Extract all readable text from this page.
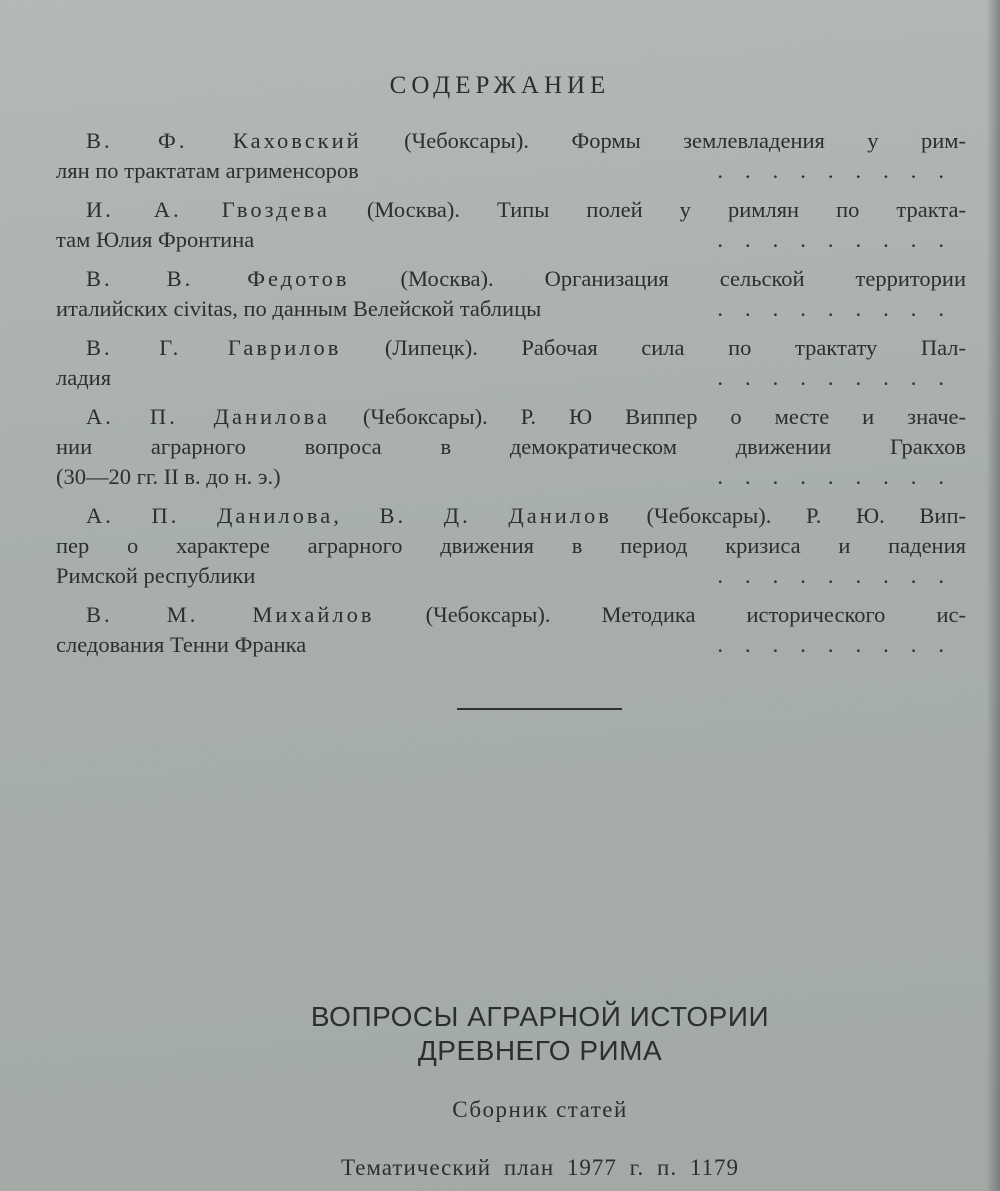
СОДЕРЖАНИЕ
В. Ф. Каховский (Чебоксары). Формы землевладения у рим-
лян по трактатам агрименсоров	.........
И. А. Гвоздева (Москва). Типы полей у римлян по тракта-
там Юлия Фронтина	.........
В. В. Федотов (Москва). Организация сельской территории
италийских civitas, по данным Велейской таблицы	.........
В. Г. Гаврилов (Липецк). Рабочая сила по трактату Пал-
ладия	.........
А. П. Данилова (Чебоксары). Р. Ю Виппер о месте и значе-
нии аграрного вопроса в демократическом движении Гракхов
(30—20 гг. II в. до н. э.)	.........
А. П. Данилова, В. Д. Данилов (Чебоксары). Р. Ю. Вип-
пер о характере аграрного движения в период кризиса и падения
Римской республики	.........
В. М. Михайлов (Чебоксары). Методика исторического ис-
следования Тенни Франка	.........
ВОПРОСЫ АГРАРНОЙ ИСТОРИИ
ДРЕВНЕГО РИМА
Сборник статей
Тематический план 1977 г. п. 1179
